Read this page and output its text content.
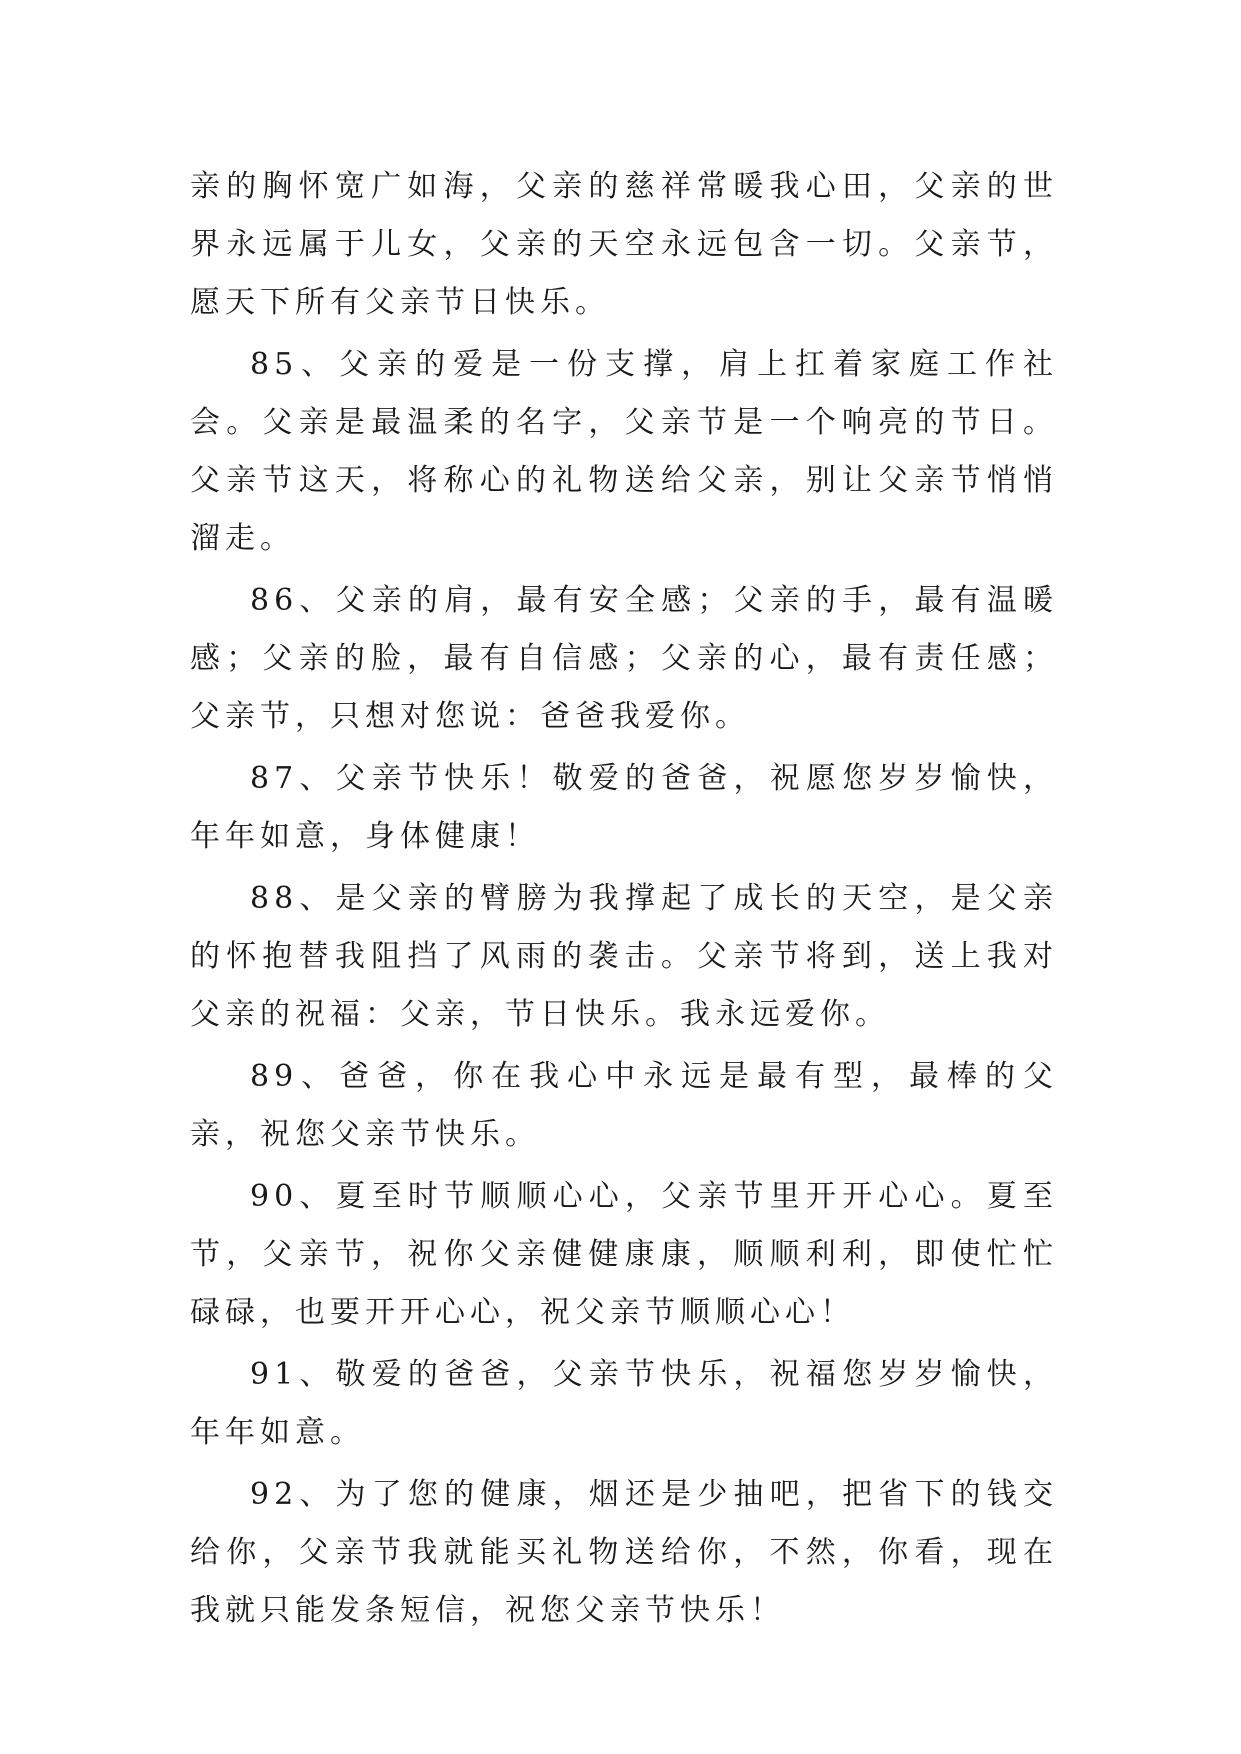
亲的胸怀宽广如海，父亲的慈祥常暖我心田，父亲的世界永远属于儿女，父亲的天空永远包含一切。父亲节，愿天下所有父亲节日快乐。

85、父亲的爱是一份支撑，肩上扛着家庭工作社会。父亲是最温柔的名字，父亲节是一个响亮的节日。父亲节这天，将称心的礼物送给父亲，别让父亲节悄悄溜走。

86、父亲的肩，最有安全感；父亲的手，最有温暖感；父亲的脸，最有自信感；父亲的心，最有责任感；父亲节，只想对您说：爸爸我爱你。

87、父亲节快乐！敬爱的爸爸，祝愿您岁岁愉快，年年如意，身体健康！

88、是父亲的臂膀为我撑起了成长的天空，是父亲的怀抱替我阻挡了风雨的袭击。父亲节将到，送上我对父亲的祝福：父亲，节日快乐。我永远爱你。

89、爸爸，你在我心中永远是最有型，最棒的父亲，祝您父亲节快乐。

90、夏至时节顺顺心心，父亲节里开开心心。夏至节，父亲节，祝你父亲健健康康，顺顺利利，即使忙忙碌碌，也要开开心心，祝父亲节顺顺心心！

91、敬爱的爸爸，父亲节快乐，祝福您岁岁愉快，年年如意。

92、为了您的健康，烟还是少抽吧，把省下的钱交给你，父亲节我就能买礼物送给你，不然，你看，现在我就只能发条短信，祝您父亲节快乐！
